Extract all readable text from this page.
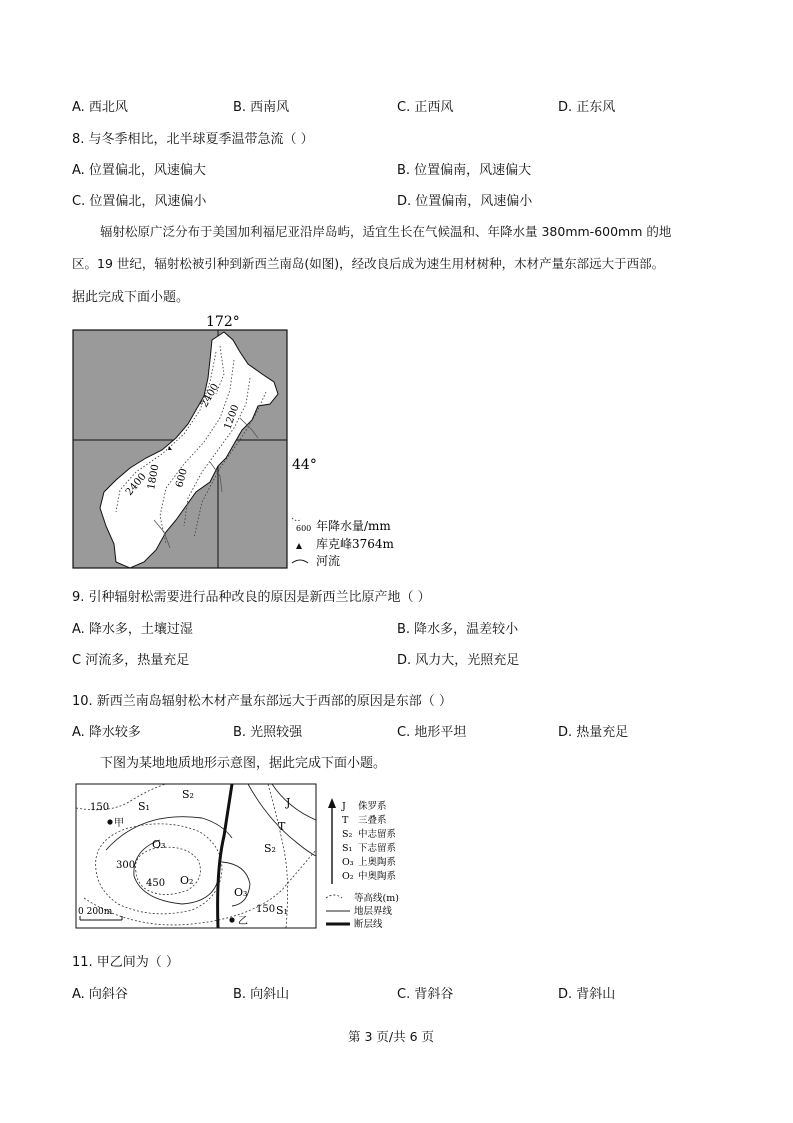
A. 西北风	B. 西南风	C. 正西风	D. 正东风
8. 与冬季相比，北半球夏季温带急流（ ）
A. 位置偏北，风速偏大	B. 位置偏南，风速偏大
C. 位置偏北，风速偏小	D. 位置偏南，风速偏小
辐射松原广泛分布于美国加利福尼亚沿岸岛屿，适宜生长在气候温和、年降水量 380mm-600mm 的地
区。19 世纪，辐射松被引种到新西兰南岛(如图)，经改良后成为速生用材树种，木材产量东部远大于西部。
据此完成下面小题。
172°
44°
2400
1200
1800 600
2400
600 年降水量/mm
库克峰3764m
河流
9. 引种辐射松需要进行品种改良的原因是新西兰比原产地（ ）
A. 降水多，土壤过湿	B. 降水多，温差较小
C 河流多，热量充足	D. 风力大，光照充足
10. 新西兰南岛辐射松木材产量东部远大于西部的原因是东部（ ）
A. 降水较多	B. 光照较强	C. 地形平坦	D. 热量充足
下图为某地地质地形示意图，据此完成下面小题。
150	S₁
S₂
J
T
甲
O₃	S₂
300
450 O₂
O₃
乙
150 S₁
0 200m
J 侏罗系
T 三叠系
S₂ 中志留系
S₁ 下志留系
O₃ 上奥陶系
O₂ 中奥陶系
等高线(m)
地层界线
断层线
11. 甲乙间为（ ）
A. 向斜谷	B. 向斜山	C. 背斜谷	D. 背斜山
第 3 页/共 6 页
